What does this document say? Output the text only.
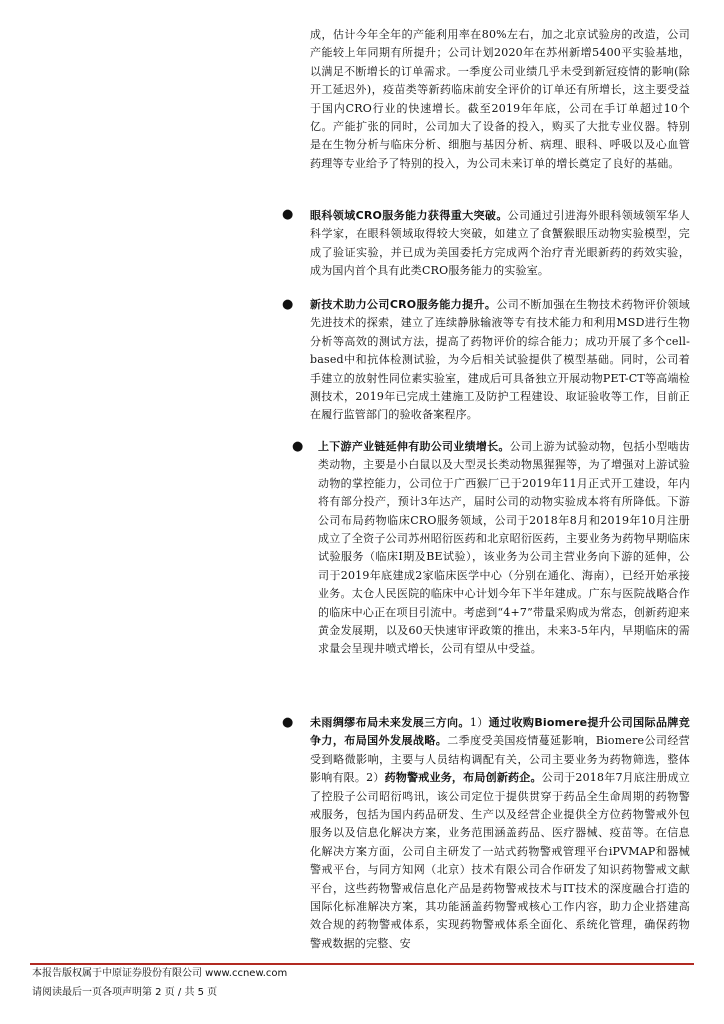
成，估计今年全年的产能利用率在80%左右，加之北京试验房的改造，公司产能较上年同期有所提升；公司计划2020年在苏州新增5400平实验基地，以满足不断增长的订单需求。一季度公司业绩几乎未受到新冠疫情的影响(除开工延迟外)，疫苗类等新药临床前安全评价的订单还有所增长，这主要受益于国内CRO行业的快速增长。截至2019年年底，公司在手订单超过10个亿。产能扩张的同时，公司加大了设备的投入，购买了大批专业仪器。特别是在生物分析与临床分析、细胞与基因分析、病理、眼科、呼吸以及心血管药理等专业给予了特别的投入，为公司未来订单的增长奠定了良好的基础。

● 眼科领域CRO服务能力获得重大突破。公司通过引进海外眼科领域领军华人科学家，在眼科领域取得较大突破，如建立了食蟹猴眼压动物实验模型，完成了验证实验，并已成为美国委托方完成两个治疗青光眼新药的药效实验，成为国内首个具有此类CRO服务能力的实验室。

● 新技术助力公司CRO服务能力提升。公司不断加强在生物技术药物评价领域先进技术的探索，建立了连续静脉输液等专有技术能力和利用MSD进行生物分析等高效的测试方法，提高了药物评价的综合能力；成功开展了多个cell-based中和抗体检测试验，为今后相关试验提供了模型基础。同时，公司着手建立的放射性同位素实验室，建成后可具备独立开展动物PET-CT等高端检测技术，2019年已完成土建施工及防护工程建设、取证验收等工作，目前正在履行监管部门的验收备案程序。

● 上下游产业链延伸有助公司业绩增长。公司上游为试验动物，包括小型啮齿类动物，主要是小白鼠以及大型灵长类动物黑猩猩等，为了增强对上游试验动物的掌控能力，公司位于广西猴厂已于2019年11月正式开工建设，年内将有部分投产，预计3年达产，届时公司的动物实验成本将有所降低。下游公司布局药物临床CRO服务领域，公司于2018年8月和2019年10月注册成立了全资子公司苏州昭衍医药和北京昭衍医药，主要业务为药物早期临床试验服务（临床I期及BE试验），该业务为公司主营业务向下游的延伸，公司于2019年底建成2家临床医学中心（分别在通化、海南），已经开始承接业务。太仓人民医院的临床中心计划今年下半年建成。广东与医院战略合作的临床中心正在项目引流中。考虑到“4+7”带量采购成为常态，创新药迎来黄金发展期，以及60天快速审评政策的推出，未来3-5年内，早期临床的需求量会呈现井喷式增长，公司有望从中受益。

● 未雨绸缪布局未来发展三方向。1）通过收购Biomere提升公司国际品牌竞争力，布局国外发展战略。二季度受美国疫情蔓延影响，Biomere公司经营受到略微影响，主要与人员结构调配有关，公司主要业务为药物筛选，整体影响有限。2）药物警戒业务，布局创新药企。公司于2018年7月底注册成立了控股子公司昭衍鸣讯，该公司定位于提供贯穿于药品全生命周期的药物警戒服务，包括为国内药品研发、生产以及经营企业提供全方位药物警戒外包服务以及信息化解决方案，业务范围涵盖药品、医疗器械、疫苗等。在信息化解决方案方面，公司自主研发了一站式药物警戒管理平台iPVMAP和器械警戒平台，与同方知网（北京）技术有限公司合作研发了知识药物警戒文献平台，这些药物警戒信息化产品是药物警戒技术与IT技术的深度融合打造的国际化标准解决方案，其功能涵盖药物警戒核心工作内容，助力企业搭建高效合规的药物警戒体系，实现药物警戒体系全面化、系统化管理，确保药物警戒数据的完整、安

本报告版权属于中原证券股份有限公司 www.ccnew.com
请阅读最后一页各项声明第 2 页 / 共 5 页
